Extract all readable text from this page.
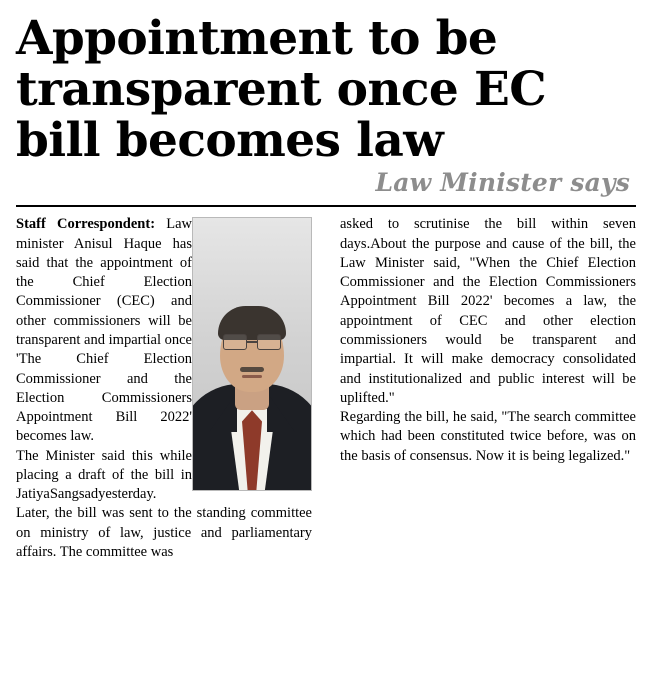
Appointment to be
transparent once EC
bill becomes law
Law Minister says

Staff Correspondent: Law minister Anisul Haque has said that the appointment of the Chief Election Commissioner (CEC) and other commissioners will be transparent and impartial once 'The Chief Election Commissioner and the Election Commissioners Appointment Bill 2022' becomes law.

The Minister said this while placing a draft of the bill in JatiyaSangsadyesterday.

Later, the bill was sent to the standing committee on ministry of law, justice and parliamentary affairs. The committee was

asked to scrutinise the bill within seven days.About the purpose and cause of the bill, the Law Minister said, "When the Chief Election Commissioner and the Election Commissioners Appointment Bill 2022' becomes a law, the appointment of CEC and other election commissioners would be transparent and impartial. It will make democracy consolidated and institutionalized and public interest will be uplifted."

Regarding the bill, he said, "The search committee which had been constituted twice before, was on the basis of consensus. Now it is being legalized."
